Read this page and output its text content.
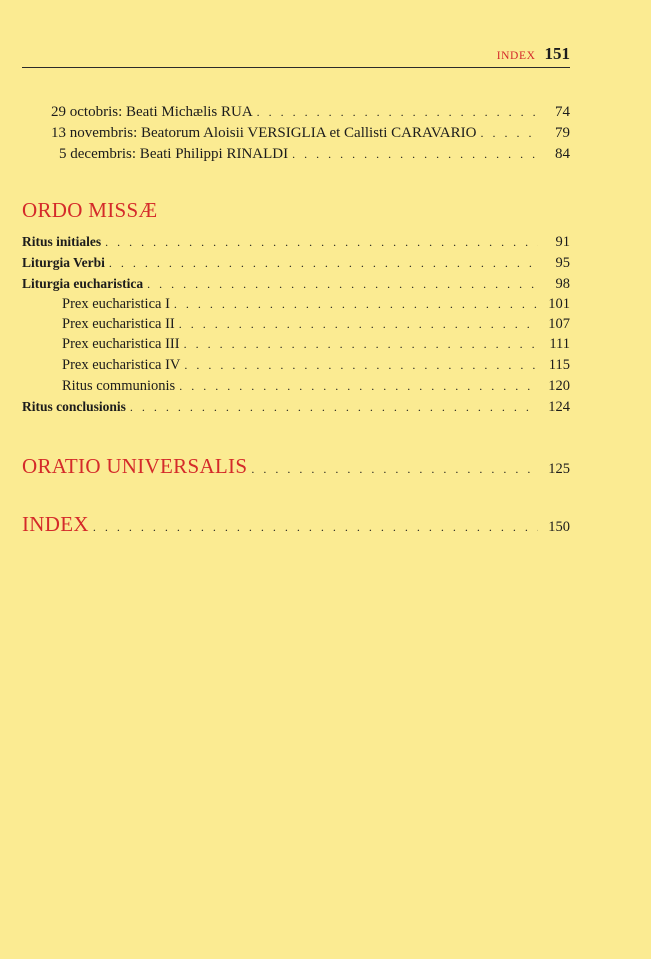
INDEX 151
29 octobris: Beati Michælis RUA . . .	74
13 novembris: Beatorum Aloisii VERSIGLIA et Callisti CARAVARIO . . .	79
5 decembris: Beati Philippi RINALDI . . .	84
ORDO MISSÆ
Ritus initiales . . .	91
Liturgia Verbi . . .	95
Liturgia eucharistica . . .	98
Prex eucharistica I . . .	101
Prex eucharistica II . . .	107
Prex eucharistica III . . .	111
Prex eucharistica IV . . .	115
Ritus communionis . . .	120
Ritus conclusionis . . .	124
ORATIO UNIVERSALIS . . .	125
INDEX . . .	150
